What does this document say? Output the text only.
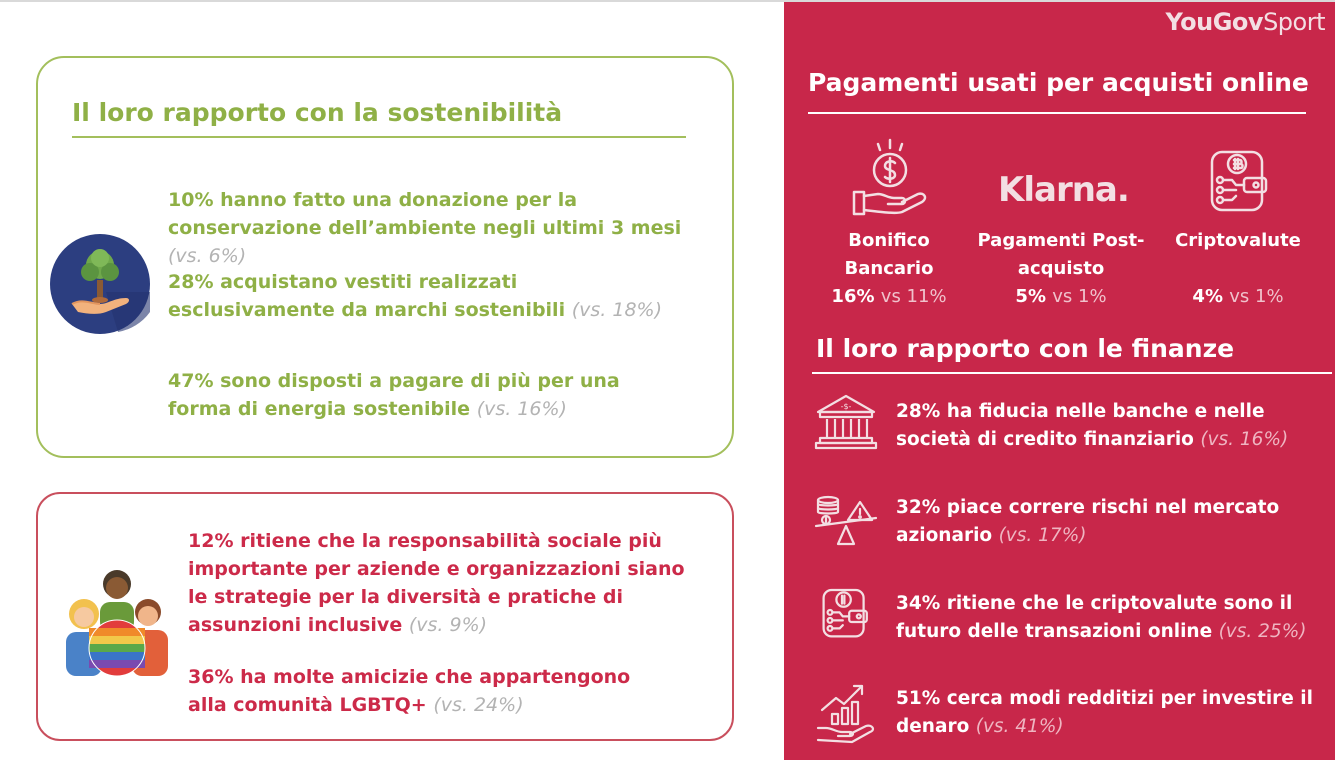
Il loro rapporto con la sostenibilità
10% hanno fatto una donazione per la conservazione dell’ambiente negli ultimi 3 mesi (vs. 6%)
28% acquistano vestiti realizzati esclusivamente da marchi sostenibili (vs. 18%)
47% sono disposti a pagare di più per una forma di energia sostenibile (vs. 16%)
12% ritiene che la responsabilità sociale più importante per aziende e organizzazioni siano le strategie per la diversità e pratiche di assunzioni inclusive (vs. 9%)
36% ha molte amicizie che appartengono alla comunità LGBTQ+ (vs. 24%)
YouGovSport
Pagamenti usati per acquisti online
Klarna.
Bonifico
Bancario
16% vs 11%
Pagamenti Post-
acquisto
5% vs 1%
Criptovalute
4% vs 1%
Il loro rapporto con le finanze
-$- 28% ha fiducia nelle banche e nelle società di credito finanziario (vs. 16%)
32% piace correre rischi nel mercato azionario (vs. 17%)
34% ritiene che le criptovalute sono il futuro delle transazioni online (vs. 25%)
51% cerca modi redditizi per investire il denaro (vs. 41%)
